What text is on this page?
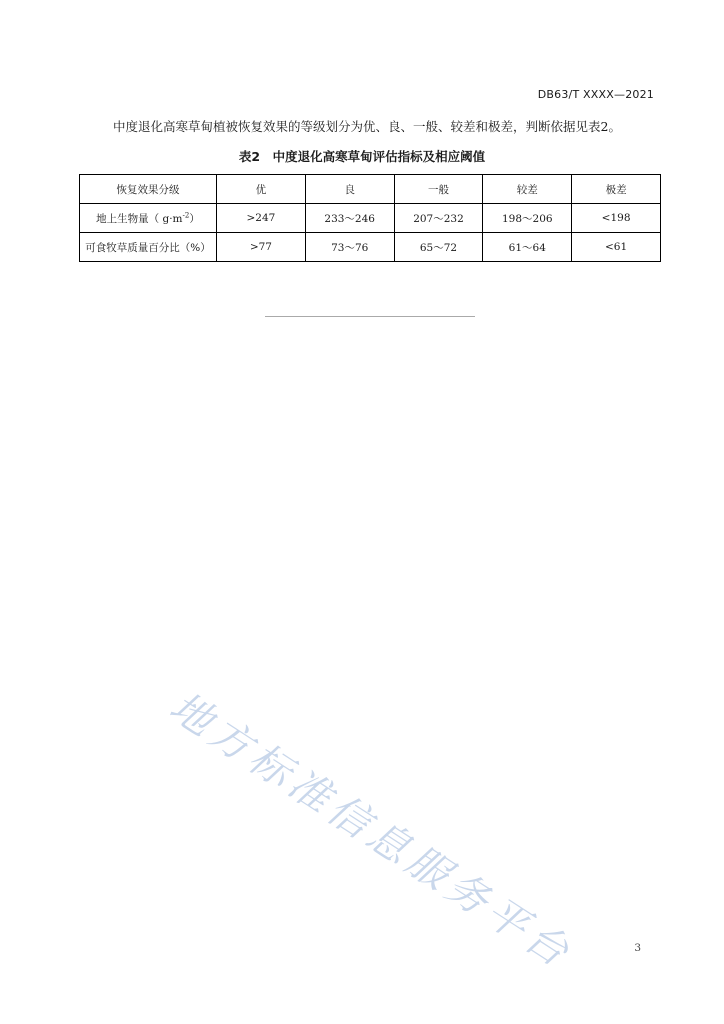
DB63/T XXXX—2021
中度退化高寒草甸植被恢复效果的等级划分为优、良、一般、较差和极差，判断依据见表2。
表2　中度退化高寒草甸评估指标及相应阈值
恢复效果分级	优	良	一般	较差	极差
地上生物量（ $g\cdot m^{-2}$）	>247	233～246	207～232	198～206	<198
可食牧草质量百分比（%）	>77	73～76	65～72	61～64	<61
地方标准信息服务平台	3
